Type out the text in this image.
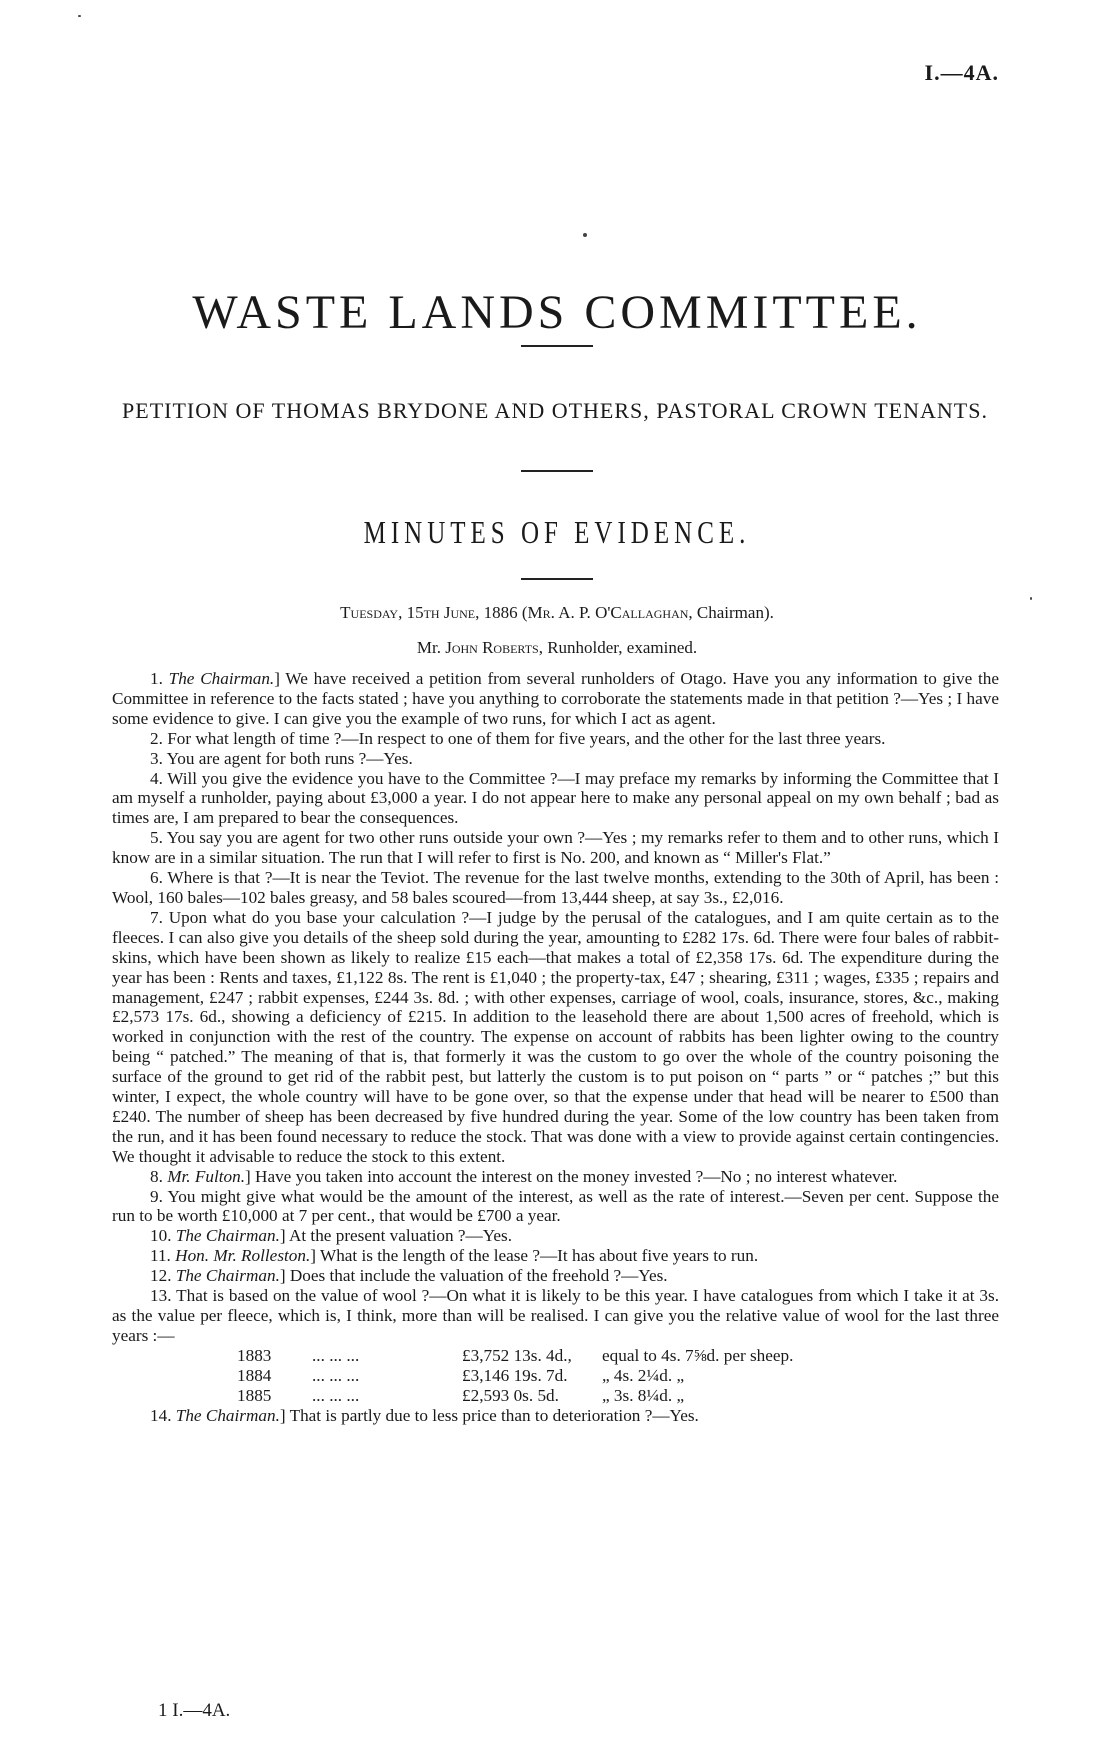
I.—4A.
WASTE LANDS COMMITTEE.
PETITION OF THOMAS BRYDONE AND OTHERS, PASTORAL CROWN TENANTS.
MINUTES OF EVIDENCE.
Tuesday, 15th June, 1886 (Mr. A. P. O'Callaghan, Chairman).
Mr. John Roberts, Runholder, examined.

1. The Chairman.] We have received a petition from several runholders of Otago. Have you any information to give the Committee in reference to the facts stated ; have you anything to corroborate the statements made in that petition ?—Yes ; I have some evidence to give. I can give you the example of two runs, for which I act as agent.

2. For what length of time ?—In respect to one of them for five years, and the other for the last three years.

3. You are agent for both runs ?—Yes.

4. Will you give the evidence you have to the Committee ?—I may preface my remarks by informing the Committee that I am myself a runholder, paying about £3,000 a year. I do not appear here to make any personal appeal on my own behalf ; bad as times are, I am prepared to bear the consequences.

5. You say you are agent for two other runs outside your own ?—Yes ; my remarks refer to them and to other runs, which I know are in a similar situation. The run that I will refer to first is No. 200, and known as “ Miller's Flat.”

6. Where is that ?—It is near the Teviot. The revenue for the last twelve months, extending to the 30th of April, has been : Wool, 160 bales—102 bales greasy, and 58 bales scoured—from 13,444 sheep, at say 3s., £2,016.

7. Upon what do you base your calculation ?—I judge by the perusal of the catalogues, and I am quite certain as to the fleeces. I can also give you details of the sheep sold during the year, amounting to £282 17s. 6d. There were four bales of rabbit-skins, which have been shown as likely to realize £15 each—that makes a total of £2,358 17s. 6d. The expenditure during the year has been : Rents and taxes, £1,122 8s. The rent is £1,040 ; the property-tax, £47 ; shearing, £311 ; wages, £335 ; repairs and management, £247 ; rabbit expenses, £244 3s. 8d. ; with other expenses, carriage of wool, coals, insurance, stores, &c., making £2,573 17s. 6d., showing a deficiency of £215. In addition to the leasehold there are about 1,500 acres of freehold, which is worked in conjunction with the rest of the country. The expense on account of rabbits has been lighter owing to the country being “ patched.” The meaning of that is, that formerly it was the custom to go over the whole of the country poisoning the surface of the ground to get rid of the rabbit pest, but latterly the custom is to put poison on “ parts ” or “ patches ;” but this winter, I expect, the whole country will have to be gone over, so that the expense under that head will be nearer to £500 than £240. The number of sheep has been decreased by five hundred during the year. Some of the low country has been taken from the run, and it has been found necessary to reduce the stock. That was done with a view to provide against certain contingencies. We thought it advisable to reduce the stock to this extent.

8. Mr. Fulton.] Have you taken into account the interest on the money invested ?—No ; no interest whatever.

9. You might give what would be the amount of the interest, as well as the rate of interest.—Seven per cent. Suppose the run to be worth £10,000 at 7 per cent., that would be £700 a year.

10. The Chairman.] At the present valuation ?—Yes.

11. Hon. Mr. Rolleston.] What is the length of the lease ?—It has about five years to run.

12. The Chairman.] Does that include the valuation of the freehold ?—Yes.

13. That is based on the value of wool ?—On what it is likely to be this year. I have catalogues from which I take it at 3s. as the value per fleece, which is, I think, more than will be realised. I can give you the relative value of wool for the last three years :—

1883	... ... ...	£3,752 13s. 4d.,	equal to 4s. 7⅝d. per sheep.
1884	... ... ...	£3,146 19s. 7d.	„ 4s. 2¼d. „
1885	... ... ...	£2,593 0s. 5d.	„ 3s. 8¼d. „

14. The Chairman.] That is partly due to less price than to deterioration ?—Yes.

1 I.—4A.
